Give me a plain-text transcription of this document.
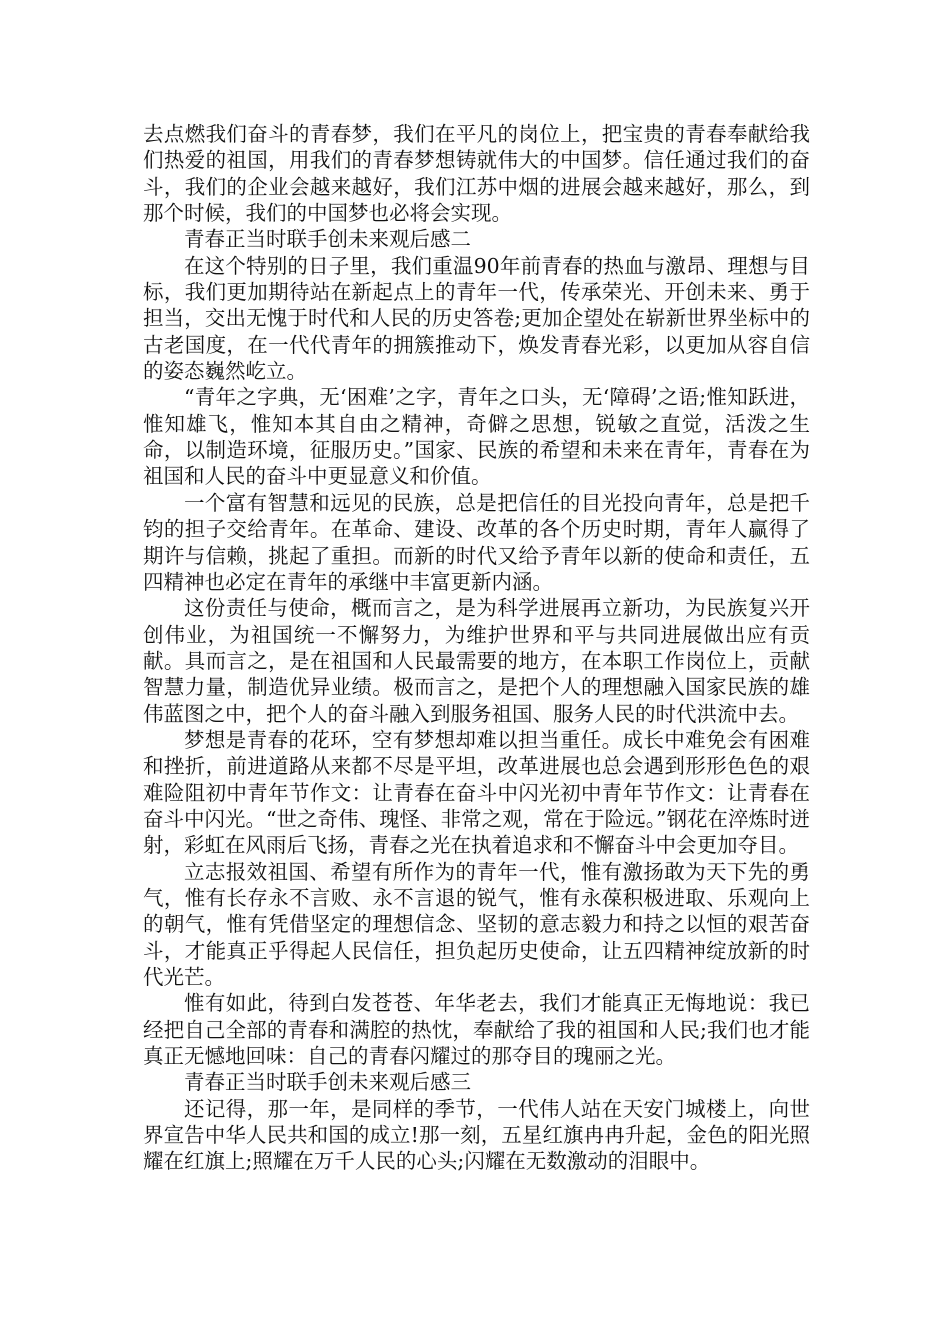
去点燃我们奋斗的青春梦，我们在平凡的岗位上，把宝贵的青春奉献给我们热爱的祖国，用我们的青春梦想铸就伟大的中国梦。信任通过我们的奋斗，我们的企业会越来越好，我们江苏中烟的进展会越来越好，那么，到那个时候，我们的中国梦也必将会实现。

青春正当时联手创未来观后感二

在这个特别的日子里，我们重温90年前青春的热血与激昂、理想与目标，我们更加期待站在新起点上的青年一代，传承荣光、开创未来、勇于担当，交出无愧于时代和人民的历史答卷;更加企望处在崭新世界坐标中的古老国度，在一代代青年的拥簇推动下，焕发青春光彩，以更加从容自信的姿态巍然屹立。

“青年之字典，无‘困难’之字，青年之口头，无‘障碍’之语;惟知跃进，惟知雄飞，惟知本其自由之精神，奇僻之思想，锐敏之直觉，活泼之生命，以制造环境，征服历史。”国家、民族的希望和未来在青年，青春在为祖国和人民的奋斗中更显意义和价值。

一个富有智慧和远见的民族，总是把信任的目光投向青年，总是把千钧的担子交给青年。在革命、建设、改革的各个历史时期，青年人赢得了期许与信赖，挑起了重担。而新的时代又给予青年以新的使命和责任，五四精神也必定在青年的承继中丰富更新内涵。

这份责任与使命，概而言之，是为科学进展再立新功，为民族复兴开创伟业，为祖国统一不懈努力，为维护世界和平与共同进展做出应有贡献。具而言之，是在祖国和人民最需要的地方，在本职工作岗位上，贡献智慧力量，制造优异业绩。极而言之，是把个人的理想融入国家民族的雄伟蓝图之中，把个人的奋斗融入到服务祖国、服务人民的时代洪流中去。

梦想是青春的花环，空有梦想却难以担当重任。成长中难免会有困难和挫折，前进道路从来都不尽是平坦，改革进展也总会遇到形形色色的艰难险阻初中青年节作文：让青春在奋斗中闪光初中青年节作文：让青春在奋斗中闪光。“世之奇伟、瑰怪、非常之观，常在于险远。”钢花在淬炼时迸射，彩虹在风雨后飞扬，青春之光在执着追求和不懈奋斗中会更加夺目。

立志报效祖国、希望有所作为的青年一代，惟有激扬敢为天下先的勇气，惟有长存永不言败、永不言退的锐气，惟有永葆积极进取、乐观向上的朝气，惟有凭借坚定的理想信念、坚韧的意志毅力和持之以恒的艰苦奋斗，才能真正乎得起人民信任，担负起历史使命，让五四精神绽放新的时代光芒。

惟有如此，待到白发苍苍、年华老去，我们才能真正无悔地说：我已经把自己全部的青春和满腔的热忱，奉献给了我的祖国和人民;我们也才能真正无憾地回味：自己的青春闪耀过的那夺目的瑰丽之光。

青春正当时联手创未来观后感三

还记得，那一年，是同样的季节，一代伟人站在天安门城楼上，向世界宣告中华人民共和国的成立!那一刻，五星红旗冉冉升起，金色的阳光照耀在红旗上;照耀在万千人民的心头;闪耀在无数激动的泪眼中。
